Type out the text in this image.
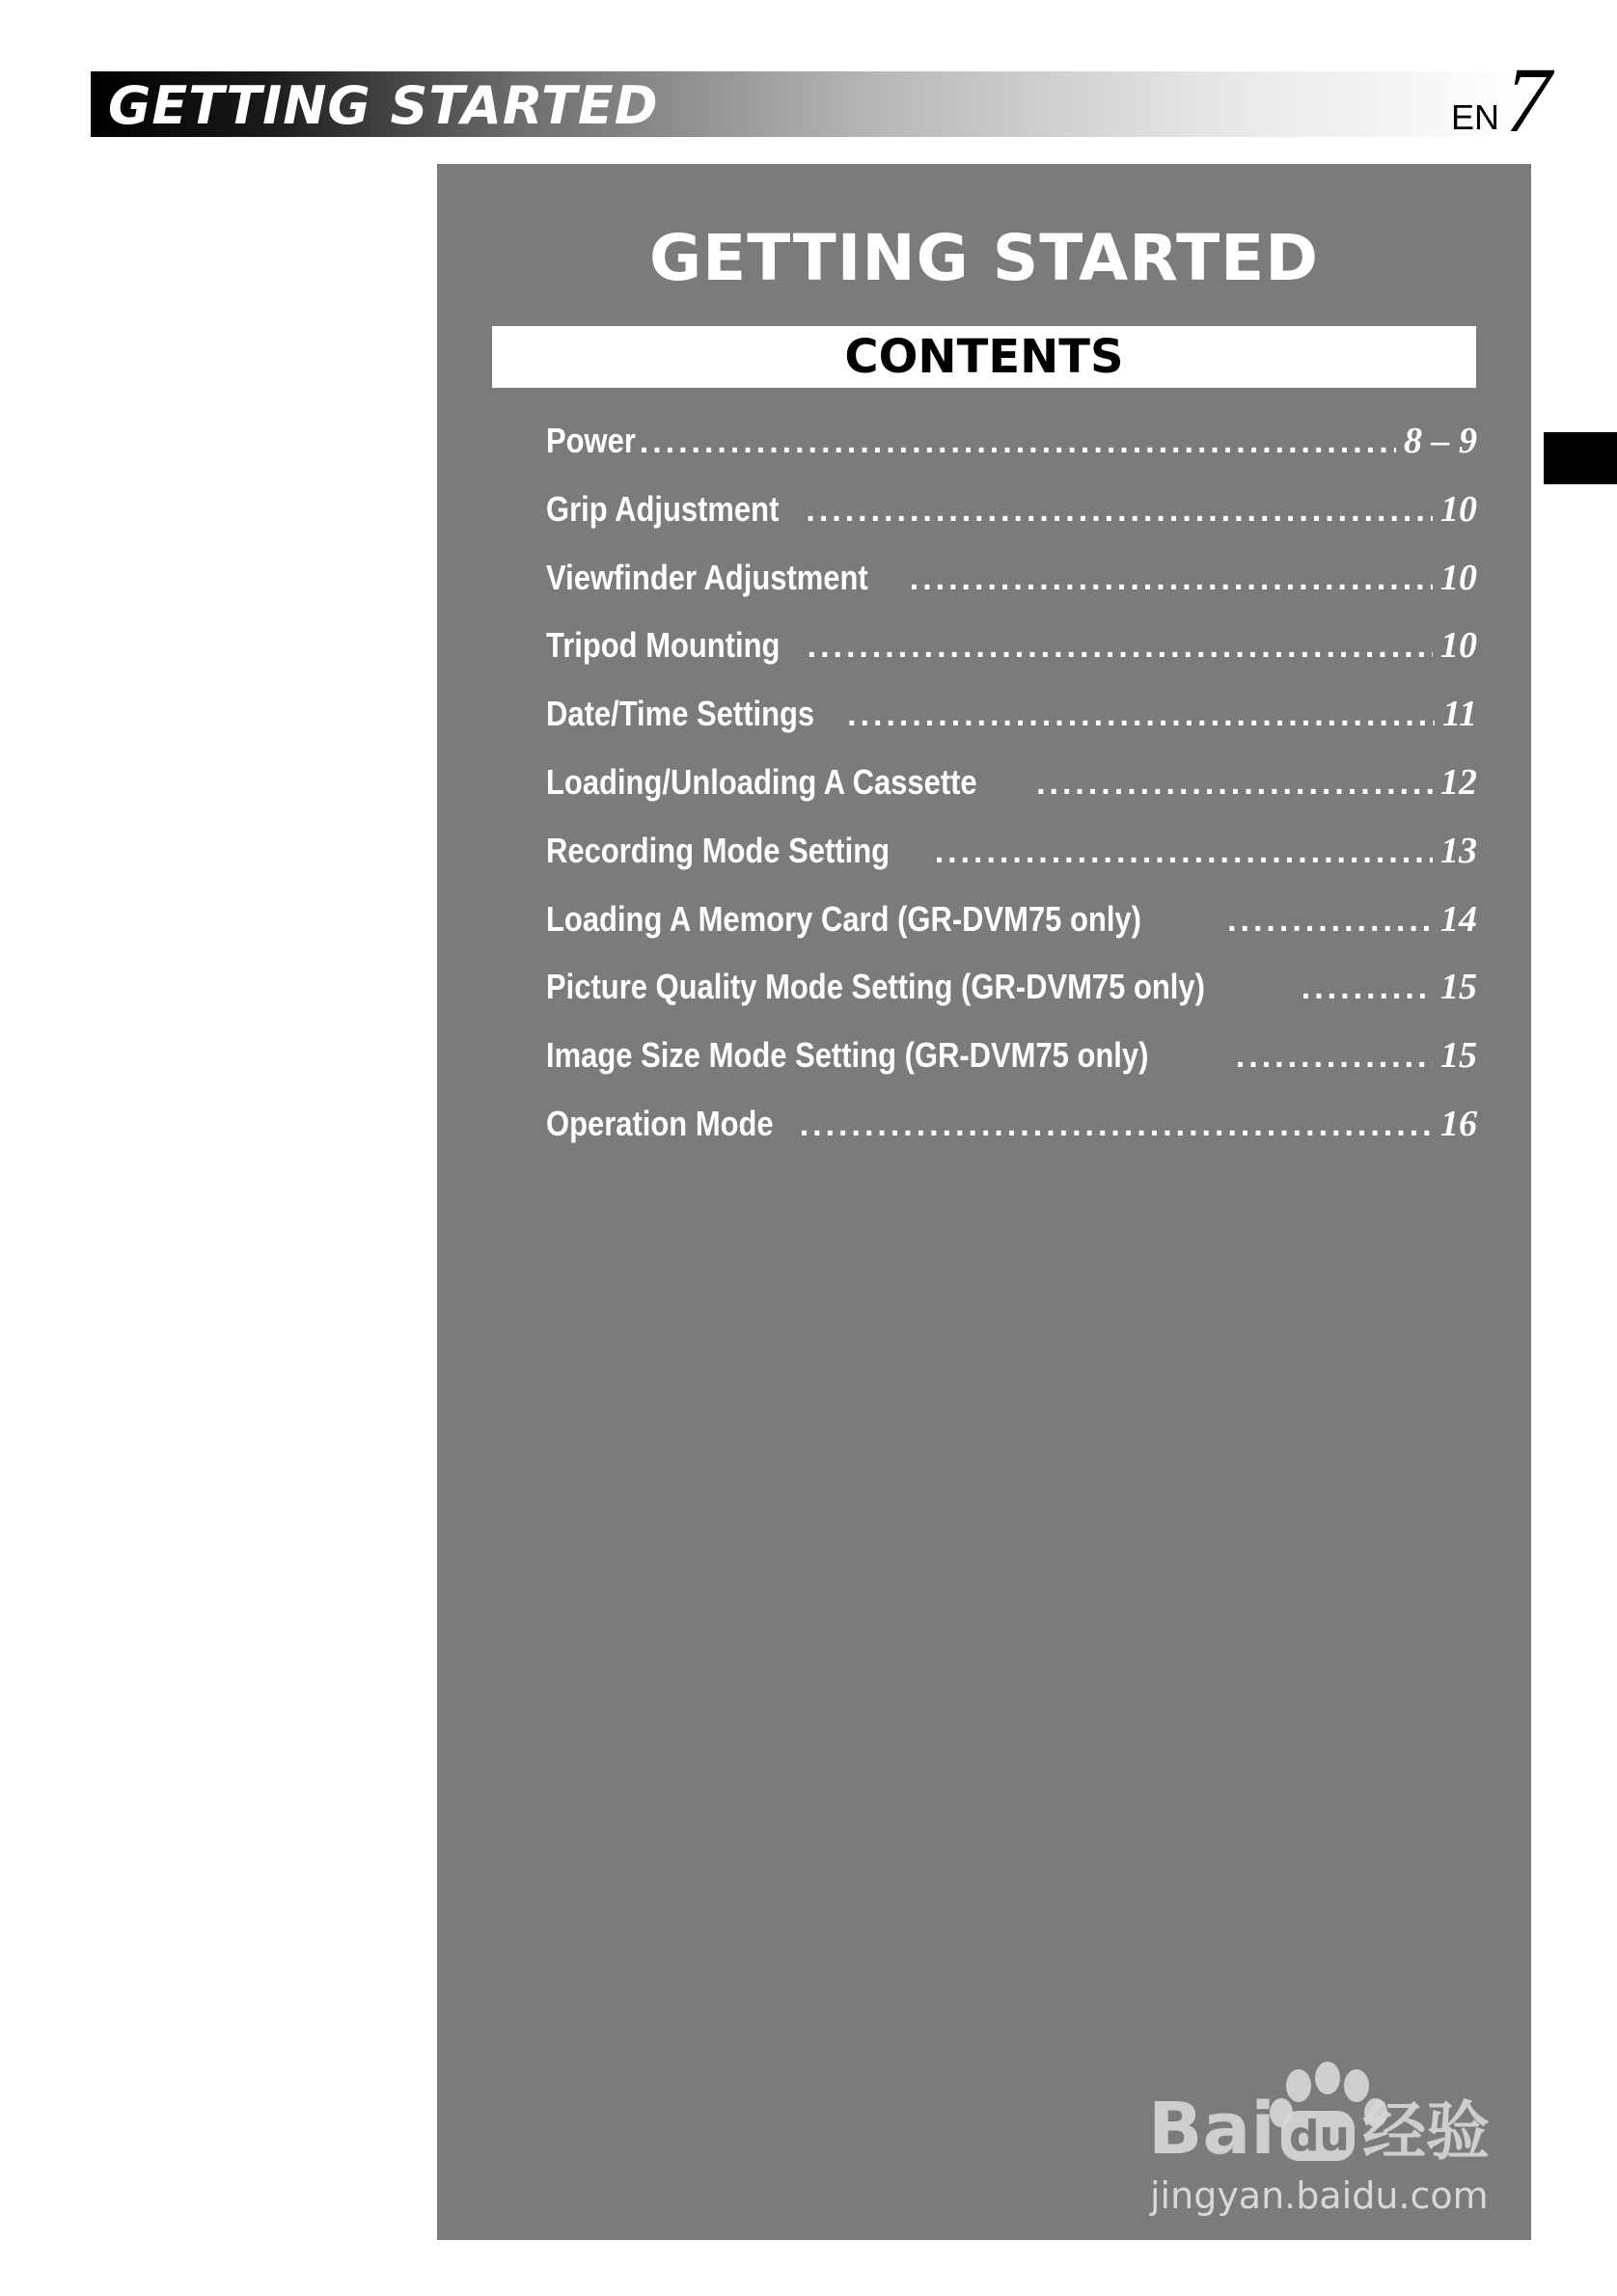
GETTING STARTED	EN 7
GETTING STARTED
CONTENTS
Power .....	8 – 9
Grip Adjustment .....	10
Viewfinder Adjustment .....	10
Tripod Mounting .....	10
Date/Time Settings .....	11
Loading/Unloading A Cassette .....	12
Recording Mode Setting .....	13
Loading A Memory Card (GR-DVM75 only) .....	14
Picture Quality Mode Setting (GR-DVM75 only) .....	15
Image Size Mode Setting (GR-DVM75 only) .....	15
Operation Mode .....	16
Bai du 经验
jingyan.baidu.com
